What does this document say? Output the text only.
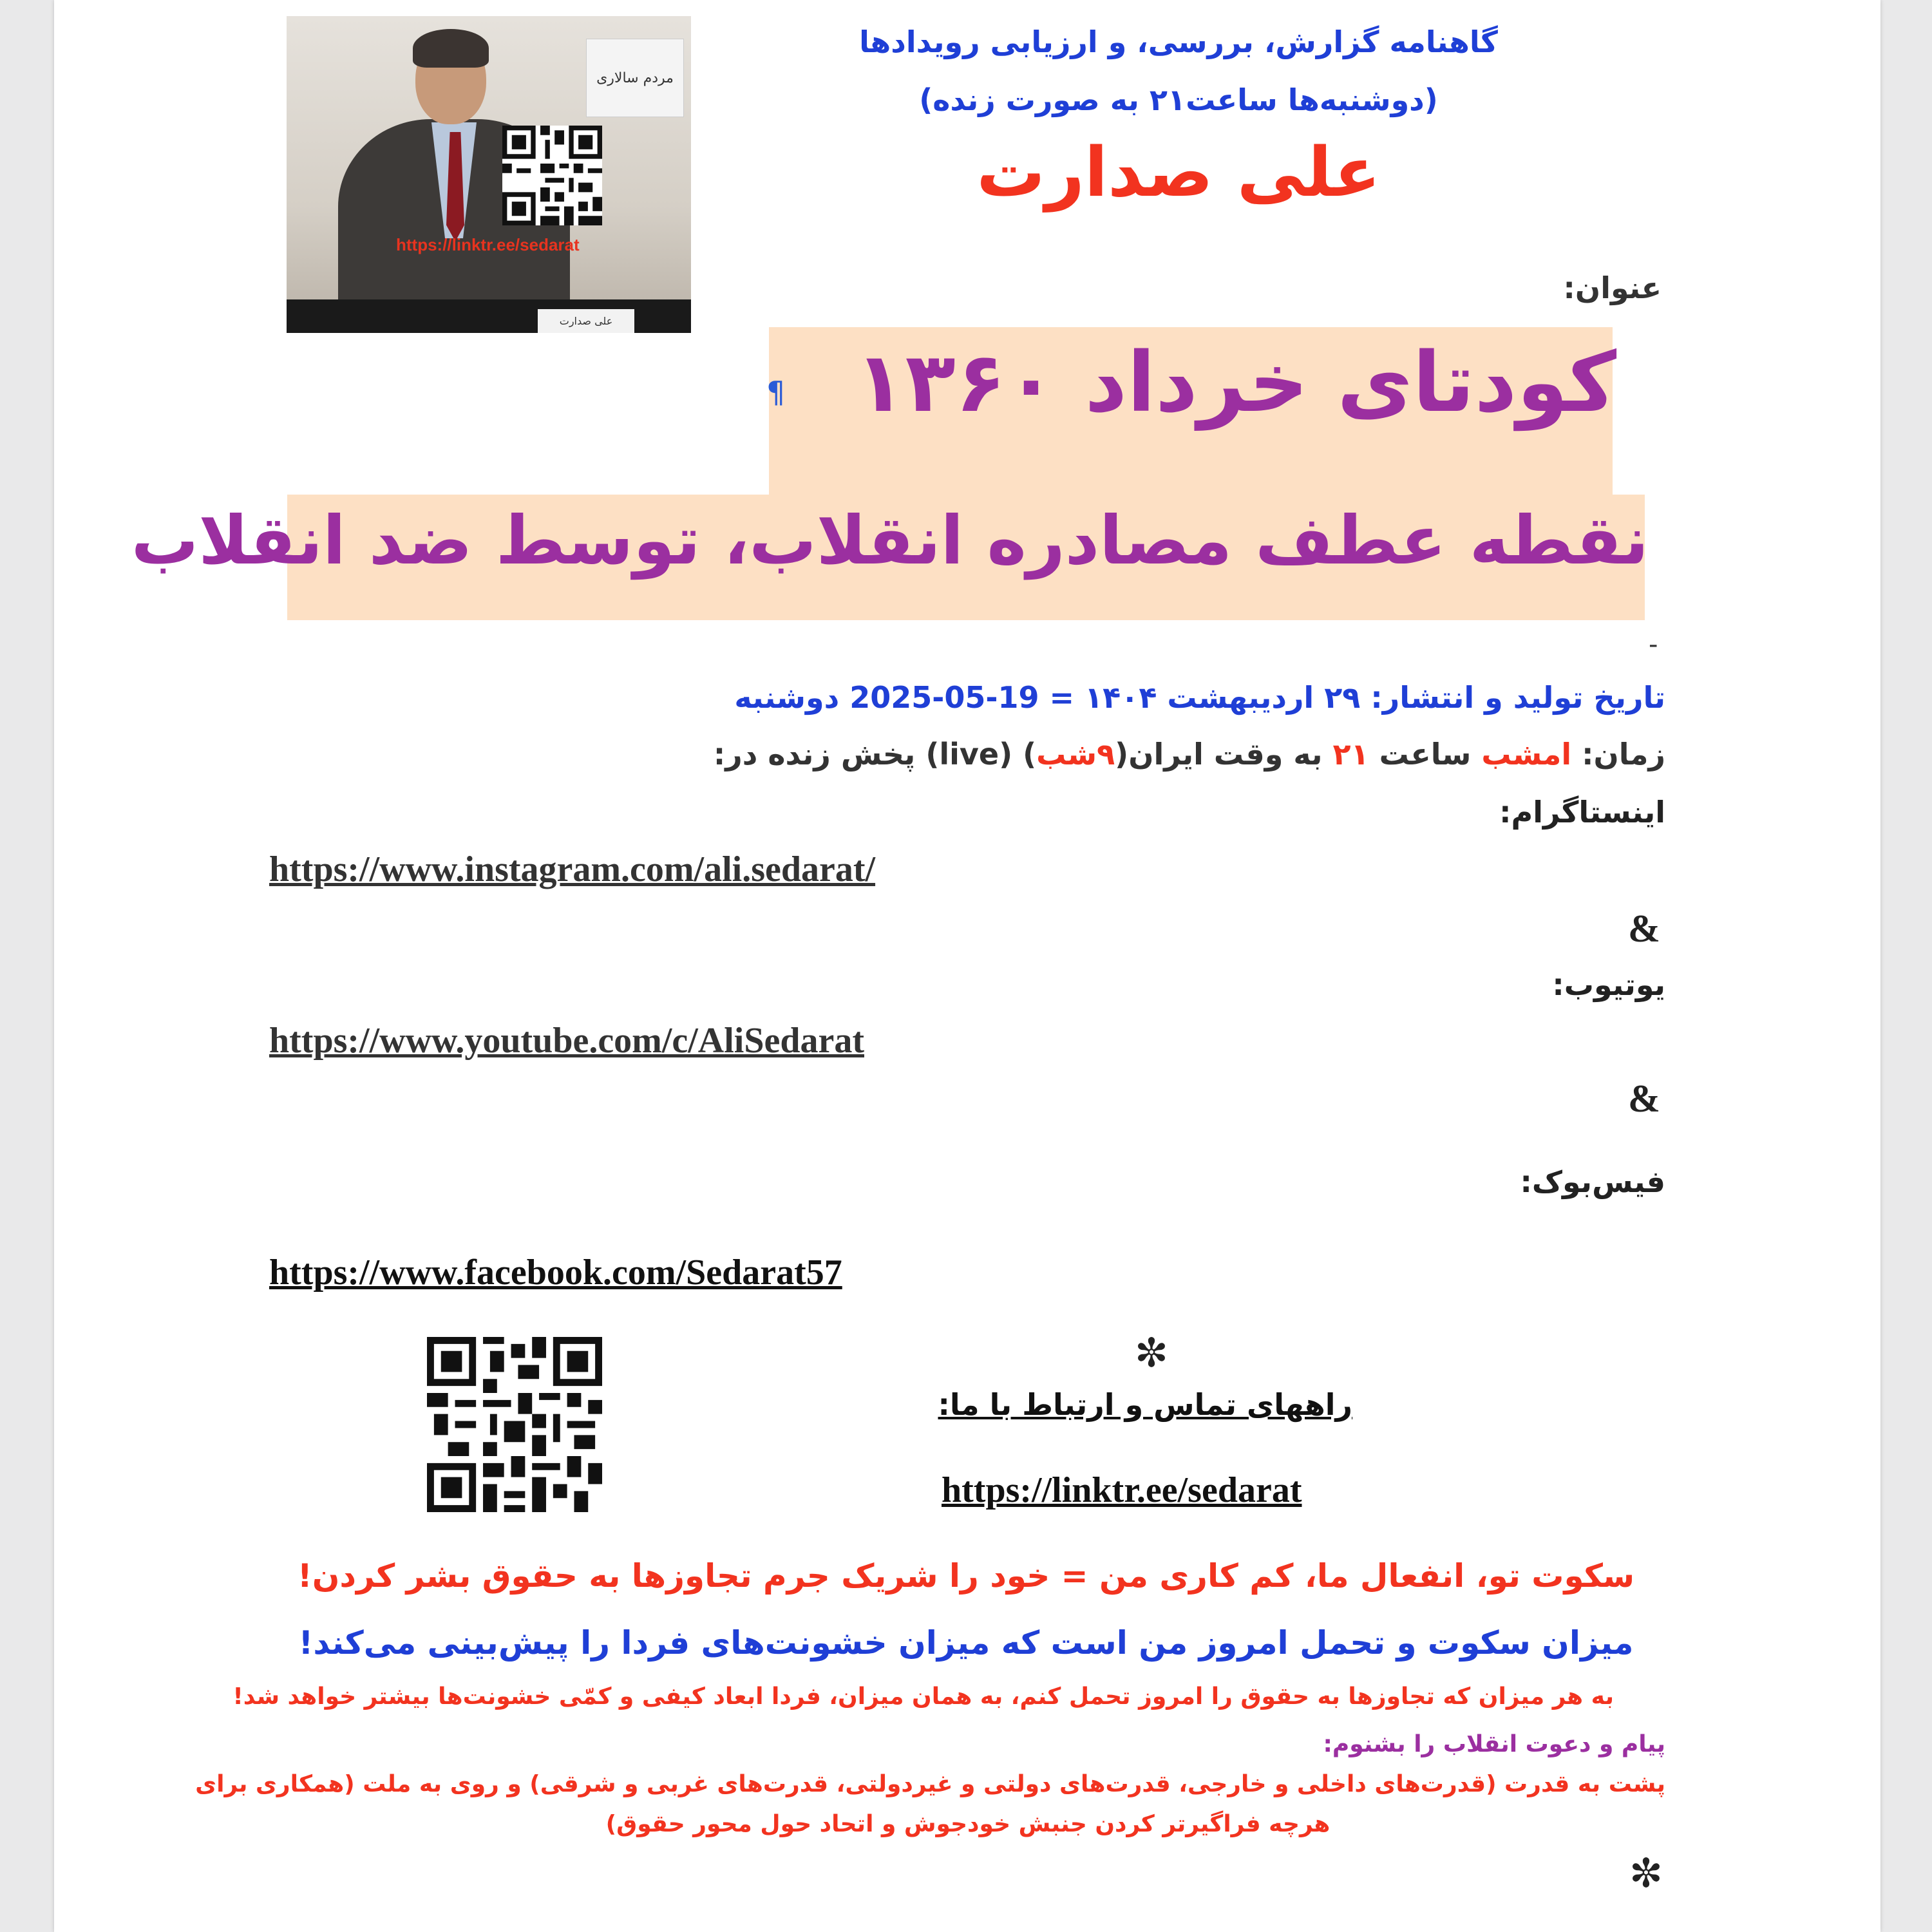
مردم سالاری
https://linktr.ee/sedarat
علی صدارت
گاهنامه گزارش، بررسی، و ارزیابی رویدادها
(دوشنبه‌ها ساعت۲۱ به صورت زنده)
علی صدارت
عنوان:
کودتای خرداد ۱۳۶۰
¶
نقطه عطف مصادره انقلاب، توسط ضد انقلاب
-
تاریخ تولید و انتشار: ۲۹ اردیبهشت ۱۴۰۴ = 19-05-2025 دوشنبه
زمان: امشب ساعت ۲۱ به وقت ایران(۹شب) (live) پخش زنده در:
اینستاگرام:
https://www.instagram.com/ali.sedarat/
&
یوتیوب:
https://www.youtube.com/c/AliSedarat
&
فیس‌بوک:
https://www.facebook.com/Sedarat57
✼
راههای تماس و ارتباط با ما:
https://linktr.ee/sedarat
سکوت تو، انفعال ما، کم کاری من = خود را شریک جرم تجاوزها به حقوق بشر کردن!
میزان سکوت و تحمل امروز من است که میزان خشونت‌های فردا را پیش‌بینی می‌کند!
به هر میزان که تجاوزها به حقوق را امروز تحمل کنم، به همان میزان، فردا ابعاد کیفی و کمّی خشونت‌ها بیشتر خواهد شد!
پیام و دعوت انقلاب را بشنوم:
پشت به قدرت (قدرت‌های داخلی و خارجی، قدرت‌های دولتی و غیردولتی، قدرت‌های غربی و شرقی) و روی به ملت (همکاری برای
هرچه فراگیرتر کردن جنبش خودجوش و اتحاد حول محور حقوق)
✼
